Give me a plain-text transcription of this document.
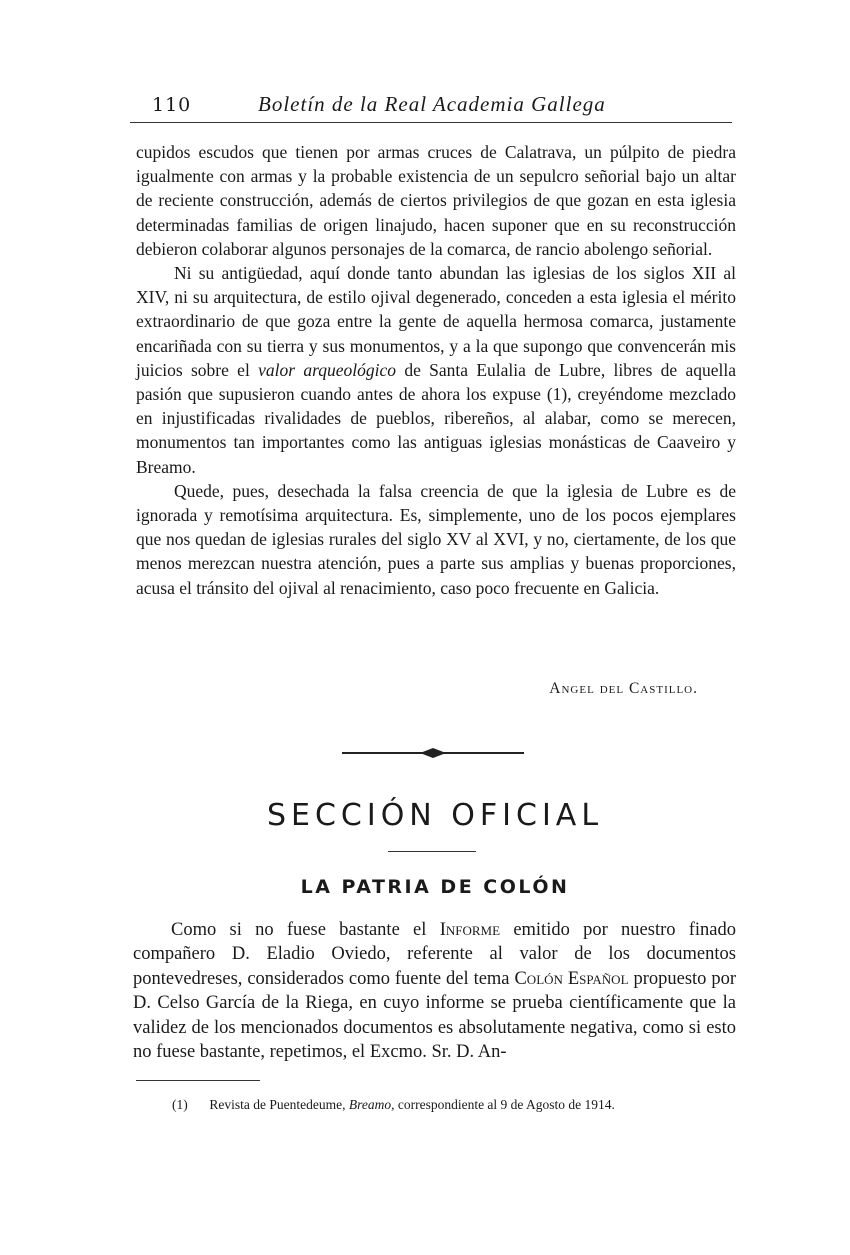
110	Boletín de la Real Academia Gallega

cupidos escudos que tienen por armas cruces de Calatrava, un púlpito de piedra igualmente con armas y la probable existencia de un sepulcro señorial bajo un altar de reciente construcción, además de ciertos privilegios de que gozan en esta iglesia determinadas familias de origen linajudo, hacen suponer que en su reconstrucción debieron colaborar algunos personajes de la comarca, de rancio abolengo señorial.

Ni su antigüedad, aquí donde tanto abundan las iglesias de los siglos XII al XIV, ni su arquitectura, de estilo ojival degenerado, conceden a esta iglesia el mérito extraordinario de que goza entre la gente de aquella hermosa comarca, justamente encariñada con su tierra y sus monumentos, y a la que supongo que convencerán mis juicios sobre el valor arqueológico de Santa Eulalia de Lubre, libres de aquella pasión que supusieron cuando antes de ahora los expuse (1), creyéndome mezclado en injustificadas rivalidades de pueblos, ribereños, al alabar, como se merecen, monumentos tan importantes como las antiguas iglesias monásticas de Caaveiro y Breamo.

Quede, pues, desechada la falsa creencia de que la iglesia de Lubre es de ignorada y remotísima arquitectura. Es, simplemente, uno de los pocos ejemplares que nos quedan de iglesias rurales del siglo XV al XVI, y no, ciertamente, de los que menos merezcan nuestra atención, pues a parte sus amplias y buenas proporciones, acusa el tránsito del ojival al renacimiento, caso poco frecuente en Galicia.

Angel del Castillo.
SECCIÓN OFICIAL
LA PATRIA DE COLÓN

Como si no fuese bastante el Informe emitido por nuestro finado compañero D. Eladio Oviedo, referente al valor de los documentos pontevedreses, considerados como fuente del tema Colón Español propuesto por D. Celso García de la Riega, en cuyo informe se prueba científicamente que la validez de los mencionados documentos es absolutamente negativa, como si esto no fuese bastante, repetimos, el Excmo. Sr. D. An-

(1) Revista de Puentedeume, Breamo, correspondiente al 9 de Agosto de 1914.
